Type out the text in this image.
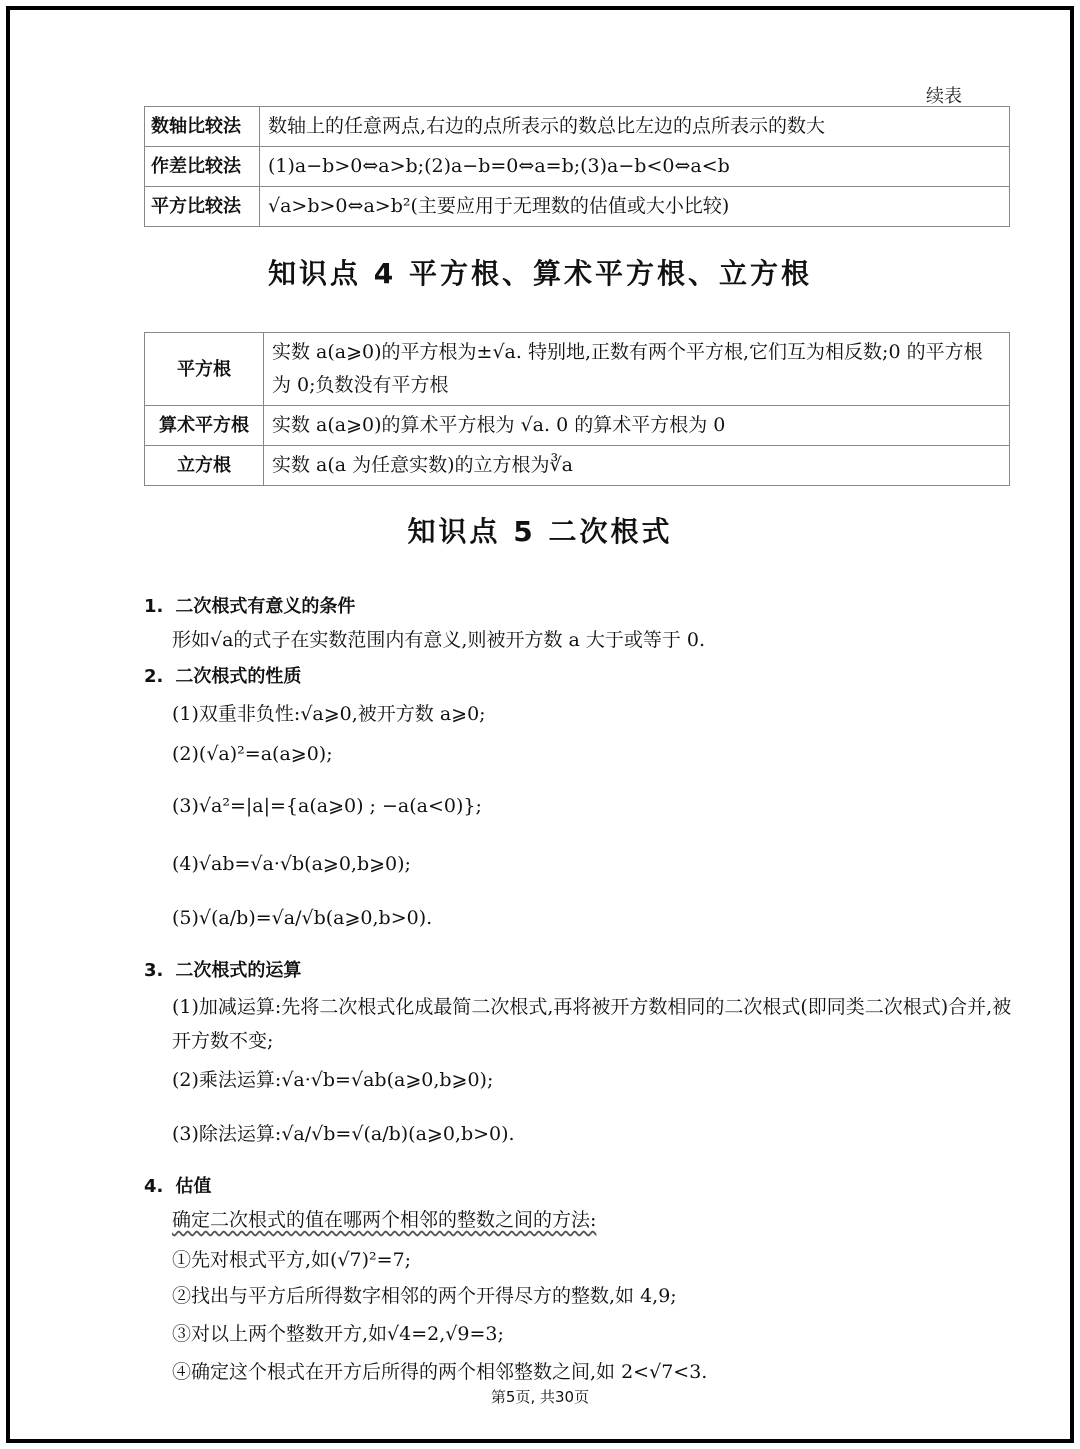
续表
数轴比较法	数轴上的任意两点,右边的点所表示的数总比左边的点所表示的数大
作差比较法	(1)a−b>0⇔a>b;(2)a−b=0⇔a=b;(3)a−b<0⇔a<b
平方比较法	√a>b>0⇔a>b²(主要应用于无理数的估值或大小比较)
知识点 4 平方根、算术平方根、立方根
平方根	实数 a(a⩾0)的平方根为±√a. 特别地,正数有两个平方根,它们互为相反数;0 的平方根为 0;负数没有平方根
算术平方根	实数 a(a⩾0)的算术平方根为 √a. 0 的算术平方根为 0
立方根	实数 a(a 为任意实数)的立方根为∛a
知识点 5 二次根式
1. 二次根式有意义的条件
形如√a的式子在实数范围内有意义,则被开方数 a 大于或等于 0.
2. 二次根式的性质
(1)双重非负性:√a⩾0,被开方数 a⩾0;
(2)(√a)²=a(a⩾0);
(3)√a²=|a|={a(a⩾0) ; −a(a<0)};
(4)√ab=√a·√b(a⩾0,b⩾0);
(5)√(a/b)=√a/√b(a⩾0,b>0).
3. 二次根式的运算
(1)加减运算:先将二次根式化成最简二次根式,再将被开方数相同的二次根式(即同类二次根式)合并,被开方数不变;
(2)乘法运算:√a·√b=√ab(a⩾0,b⩾0);
(3)除法运算:√a/√b=√(a/b)(a⩾0,b>0).
4. 估值
确定二次根式的值在哪两个相邻的整数之间的方法:
①先对根式平方,如(√7)²=7;
②找出与平方后所得数字相邻的两个开得尽方的整数,如 4,9;
③对以上两个整数开方,如√4=2,√9=3;
④确定这个根式在开方后所得的两个相邻整数之间,如 2<√7<3.
第5页, 共30页
